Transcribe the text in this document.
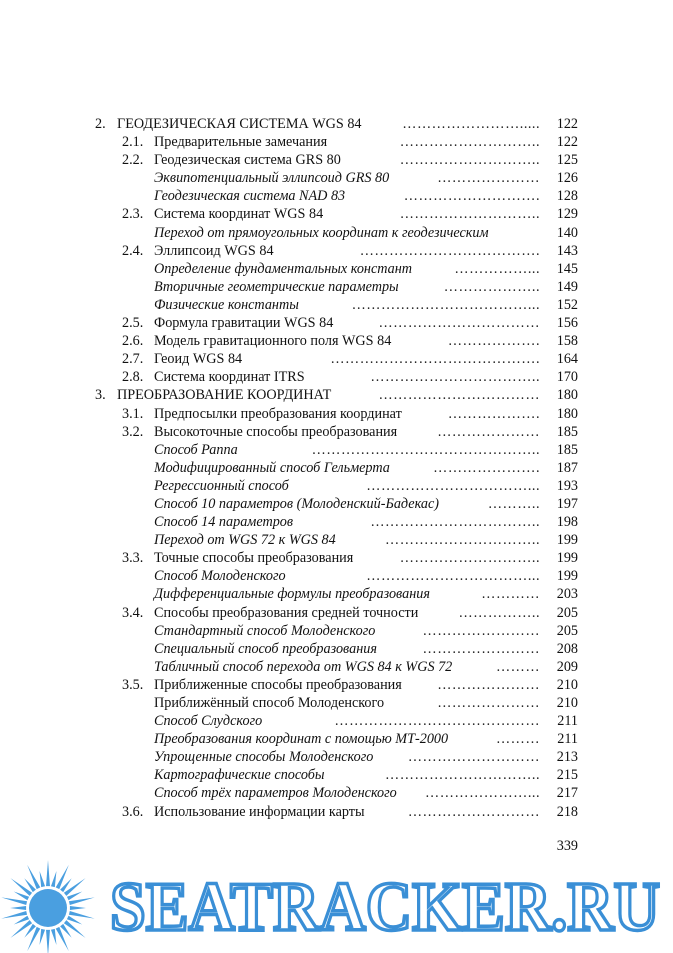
2. ГЕОДЕЗИЧЕСКАЯ СИСТЕМА WGS 84	…………………….....	122
2.1. Предварительные замечания	………………………..	122
2.2. Геодезическая система GRS 80	………………………..	125
Эквипотенциальный эллипсоид GRS 80	…………………	126
Геодезическая система NAD 83	……………………….	128
2.3. Система координат WGS 84	………………………..	129
Переход от прямоугольных координат к геодезическим	140
2.4. Эллипсоид WGS 84	……………………………….	143
Определение фундаментальных констант	……………...	145
Вторичные геометрические параметры	………………..	149
Физические константы	………………………………...	152
2.5. Формула гравитации WGS 84	……………………………	156
2.6. Модель гравитационного поля WGS 84	……………….	158
2.7. Геоид WGS 84	…………………………………….	164
2.8. Система координат ITRS	……………………………..	170
3. ПРЕОБРАЗОВАНИЕ КООРДИНАТ	……………………………	180
3.1. Предпосылки преобразования координат	……………….	180
3.2. Высокоточные способы преобразования	…………………	185
Способ Раппа	………………………………………..	185
Модифицированный способ Гельмерта	………………….	187
Регрессионный способ	……………………………...	193
Способ 10 параметров (Молоденский-Бадекас)	………..	197
Способ 14 параметров	……………………………..	198
Переход от WGS 72 к WGS 84	…………………………..	199
3.3. Точные способы преобразования	………………………..	199
Способ Молоденского	……………………………...	199
Дифференциальные формулы преобразования	…………	203
3.4. Способы преобразования средней точности	……………..	205
Стандартный способ Молоденского	……………………	205
Специальный способ преобразования	……………………	208
Табличный способ перехода от WGS 84 к WGS 72	………	209
3.5. Приближенные способы преобразования	…………………	210
Приближённый способ Молоденского	…………………	210
Способ Слудского	……………………………………	211
Преобразования координат с помощью МТ-2000	………	211
Упрощенные способы Молоденского	………………………	213
Картографические способы	…………………………..	215
Способ трёх параметров Молоденского	…………………...	217
3.6. Использование информации карты	………………………	218
339
SEATRACKER.RU
